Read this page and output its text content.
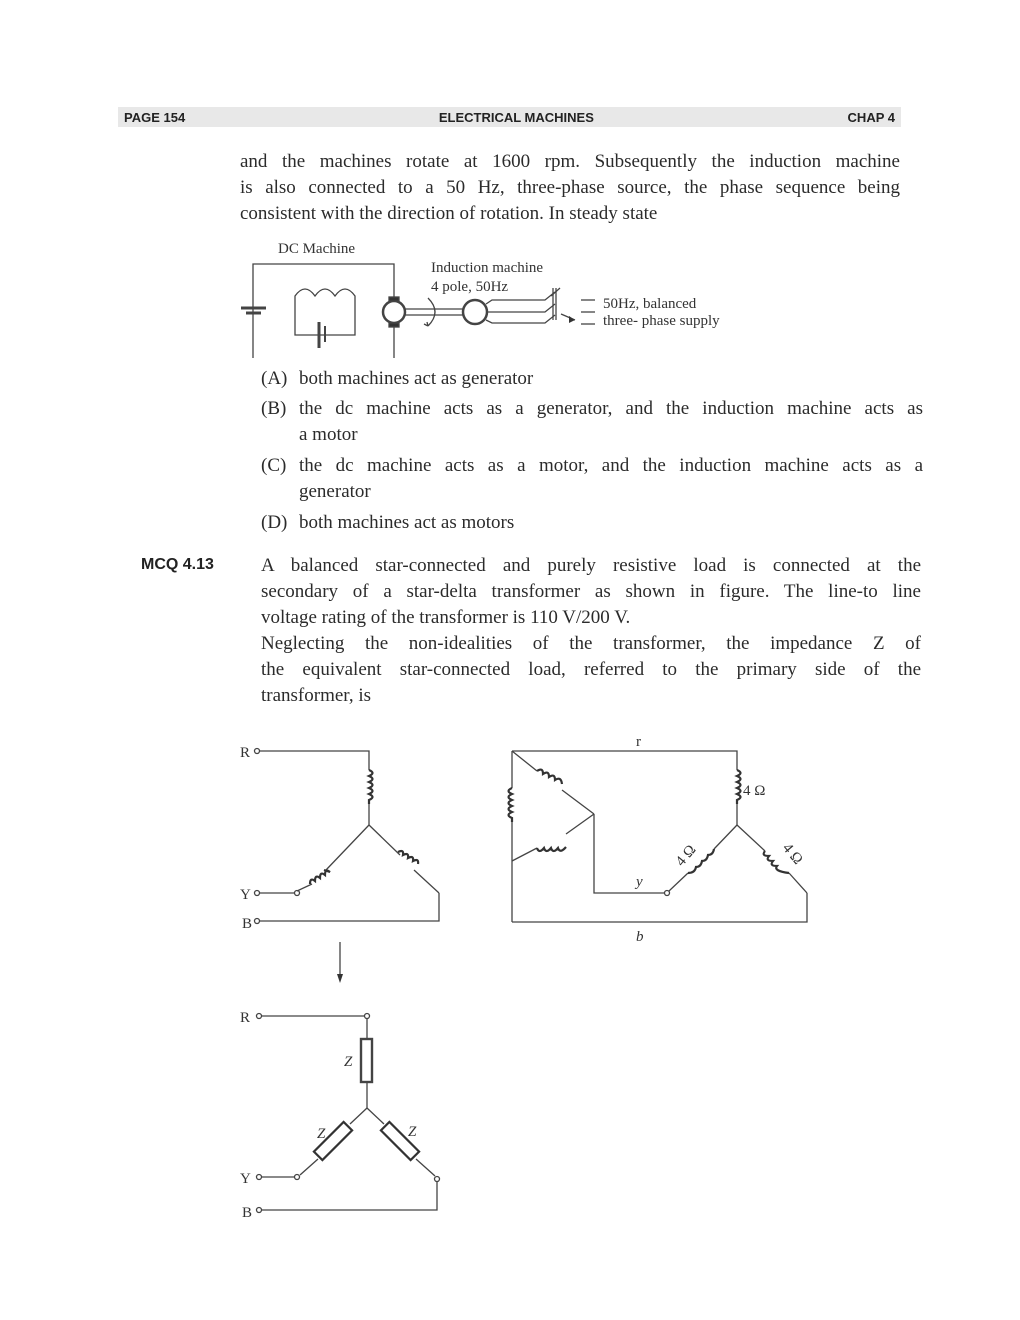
PAGE 154	ELECTRICAL MACHINES	CHAP 4
and the machines rotate at 1600 rpm. Subsequently the induction machine
is also connected to a 50 Hz, three-phase source, the phase sequence being
consistent with the direction of rotation. In steady state
DC Machine
Induction machine
4 pole, 50Hz
50Hz, balanced
three- phase supply
(A) both machines act as generator
(B) the dc machine acts as a generator, and the induction machine acts as
a motor
(C) the dc machine acts as a motor, and the induction machine acts as a
generator
(D) both machines act as motors
MCQ 4.13 A balanced star-connected and purely resistive load is connected at the
secondary of a star-delta transformer as shown in figure. The line-to line
voltage rating of the transformer is 110 V/200 V.
Neglecting the non-idealities of the transformer, the impedance Z of
the equivalent star-connected load, referred to the primary side of the
transformer, is
R
Y
B
r
y
b
4 Ω
4 Ω	4 Ω
R
Y
B
Z
Z	Z
